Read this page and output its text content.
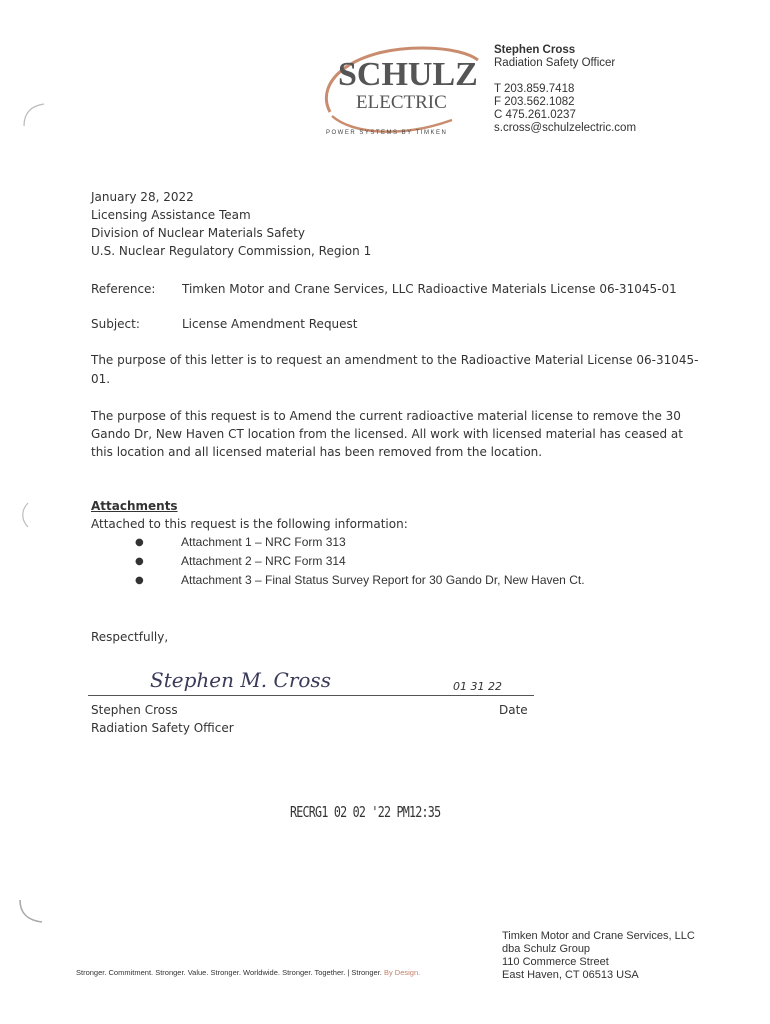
SCHULZ
ELECTRIC
POWER SYSTEMS BY TIMKEN
Stephen Cross
Radiation Safety Officer
T 203.859.7418
F 203.562.1082
C 475.261.0237
s.cross@schulzelectric.com
January 28, 2022
Licensing Assistance Team
Division of Nuclear Materials Safety
U.S. Nuclear Regulatory Commission, Region 1
Reference: Timken Motor and Crane Services, LLC Radioactive Materials License 06-31045-01
Subject:	License Amendment Request
The purpose of this letter is to request an amendment to the Radioactive Material License 06-31045-
01.
The purpose of this request is to Amend the current radioactive material license to remove the 30
Gando Dr, New Haven CT location from the licensed. All work with licensed material has ceased at
this location and all licensed material has been removed from the location.
Attachments
Attached to this request is the following information:
●	Attachment 1 – NRC Form 313
●	Attachment 2 – NRC Form 314
●	Attachment 3 – Final Status Survey Report for 30 Gando Dr, New Haven Ct.
Respectfully,
Stephen M. Cross	01 31 22
Stephen Cross
Radiation Safety Officer
Date
RECRG1 02 02 '22 PM12:35
Stronger. Commitment. Stronger. Value. Stronger. Worldwide. Stronger. Together. | Stronger. By Design.
Timken Motor and Crane Services, LLC
dba Schulz Group
110 Commerce Street
East Haven, CT 06513 USA
